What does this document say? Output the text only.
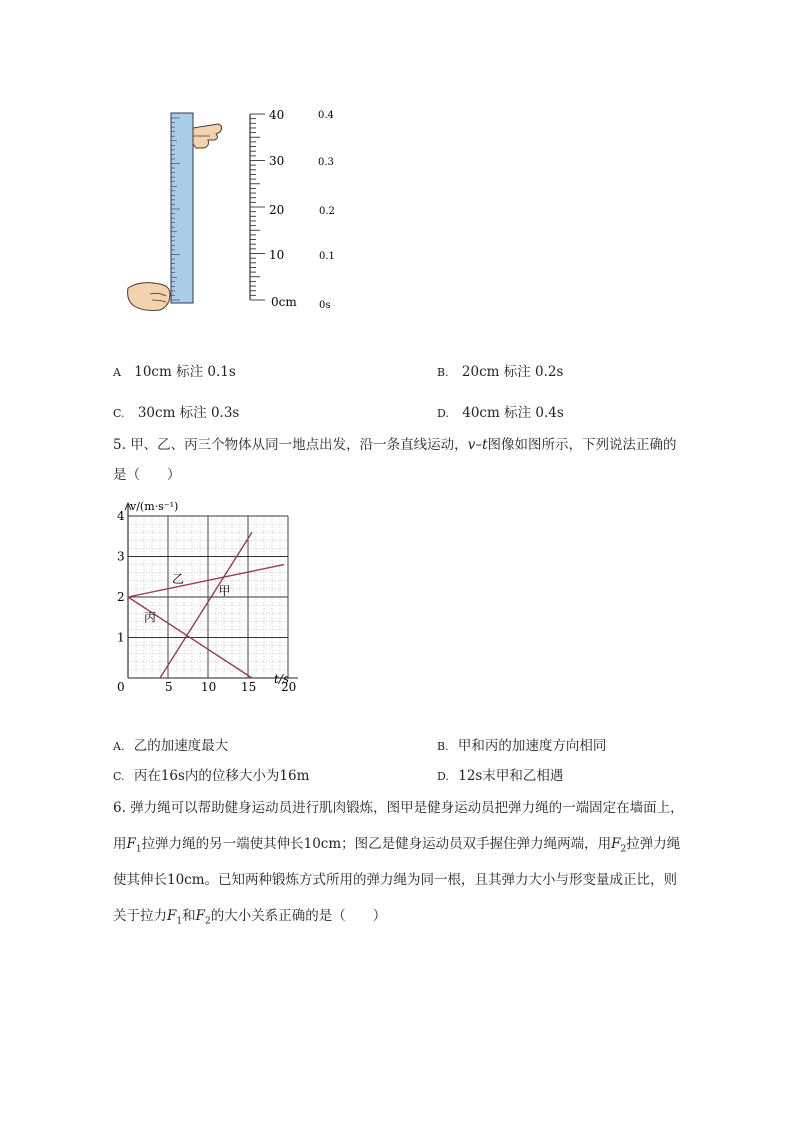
40
30
20
10
0cm
0.4
0.3
0.2
0.1
0s
A 10cm 标注 0.1s	B. 20cm 标注 0.2s
C. 30cm 标注 0.3s	D. 40cm 标注 0.4s
5. 甲、乙、丙三个物体从同一地点出发，沿一条直线运动，v–t图像如图所示，下列说法正确的
是（　　）
v/(m·s⁻¹)
t/s
0	5 10 15 20
1
2
3
4
甲
乙
丙
A. 乙的加速度最大	B. 甲和丙的加速度方向相同
C. 丙在16s内的位移大小为16m	D. 12s末甲和乙相遇
6. 弹力绳可以帮助健身运动员进行肌肉锻炼，图甲是健身运动员把弹力绳的一端固定在墙面上，
用$F_1$拉弹力绳的另一端使其伸长10cm；图乙是健身运动员双手握住弹力绳两端，用$F_2$拉弹力绳
使其伸长10cm。已知两种锻炼方式所用的弹力绳为同一根，且其弹力大小与形变量成正比，则
关于拉力$F_1$和$F_2$的大小关系正确的是（　　）
